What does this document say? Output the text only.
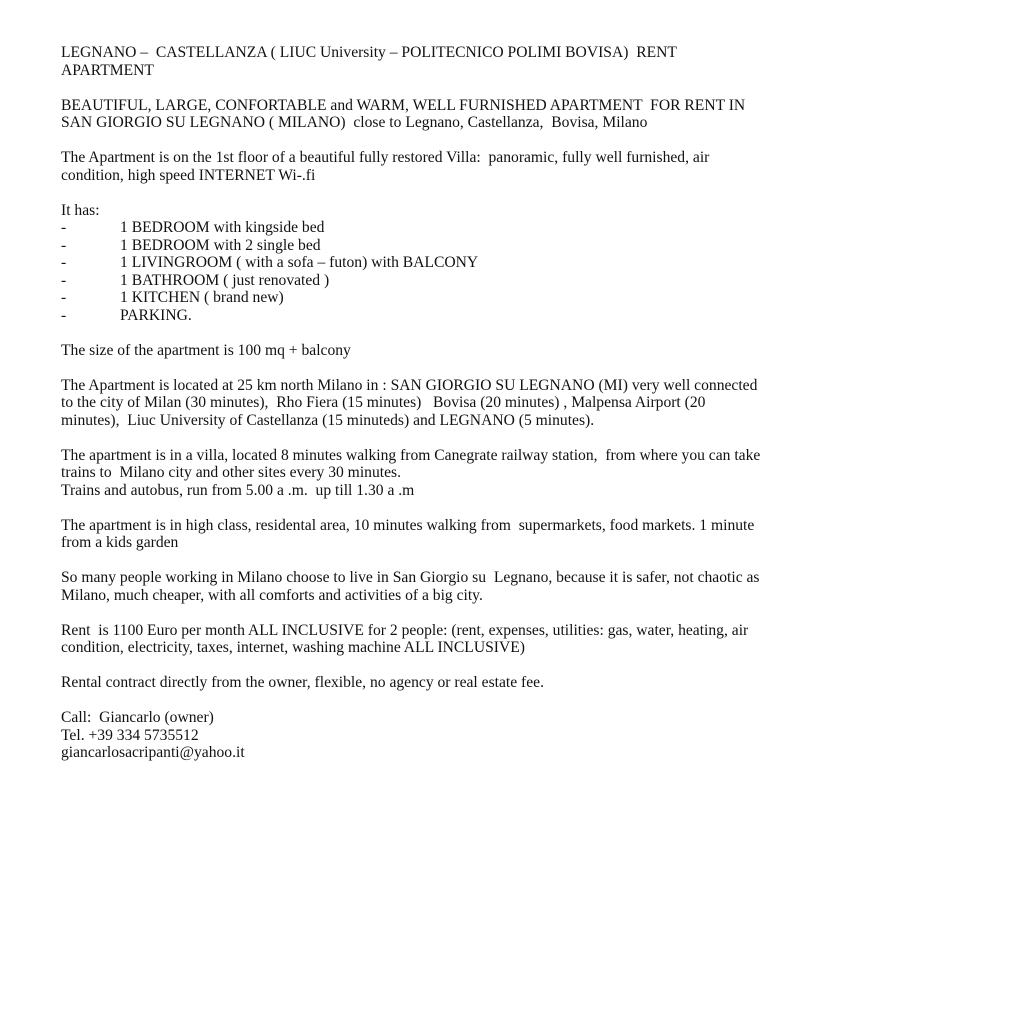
LEGNANO –  CASTELLANZA ( LIUC University – POLITECNICO POLIMI BOVISA)  RENT
APARTMENT

BEAUTIFUL, LARGE, CONFORTABLE and WARM, WELL FURNISHED APARTMENT  FOR RENT IN
SAN GIORGIO SU LEGNANO ( MILANO)  close to Legnano, Castellanza,  Bovisa, Milano

The Apartment is on the 1st floor of a beautiful fully restored Villa:  panoramic, fully well furnished, air
condition, high speed INTERNET Wi-.fi

It has:

-	1 BEDROOM with kingside bed
-	1 BEDROOM with 2 single bed
-	1 LIVINGROOM ( with a sofa – futon) with BALCONY
-	1 BATHROOM ( just renovated )
-	1 KITCHEN ( brand new)
-	PARKING.

The size of the apartment is 100 mq + balcony

The Apartment is located at 25 km north Milano in : SAN GIORGIO SU LEGNANO (MI) very well connected
to the city of Milan (30 minutes),  Rho Fiera (15 minutes)   Bovisa (20 minutes) , Malpensa Airport (20
minutes),  Liuc University of Castellanza (15 minuteds) and LEGNANO (5 minutes).

The apartment is in a villa, located 8 minutes walking from Canegrate railway station,  from where you can take
trains to  Milano city and other sites every 30 minutes.
Trains and autobus, run from 5.00 a .m.  up till 1.30 a .m

The apartment is in high class, residental area, 10 minutes walking from  supermarkets, food markets. 1 minute
from a kids garden

So many people working in Milano choose to live in San Giorgio su  Legnano, because it is safer, not chaotic as
Milano, much cheaper, with all comforts and activities of a big city.

Rent  is 1100 Euro per month ALL INCLUSIVE for 2 people: (rent, expenses, utilities: gas, water, heating, air
condition, electricity, taxes, internet, washing machine ALL INCLUSIVE)

Rental contract directly from the owner, flexible, no agency or real estate fee.

Call:  Giancarlo (owner)
Tel. +39 334 5735512
giancarlosacripanti@yahoo.it
